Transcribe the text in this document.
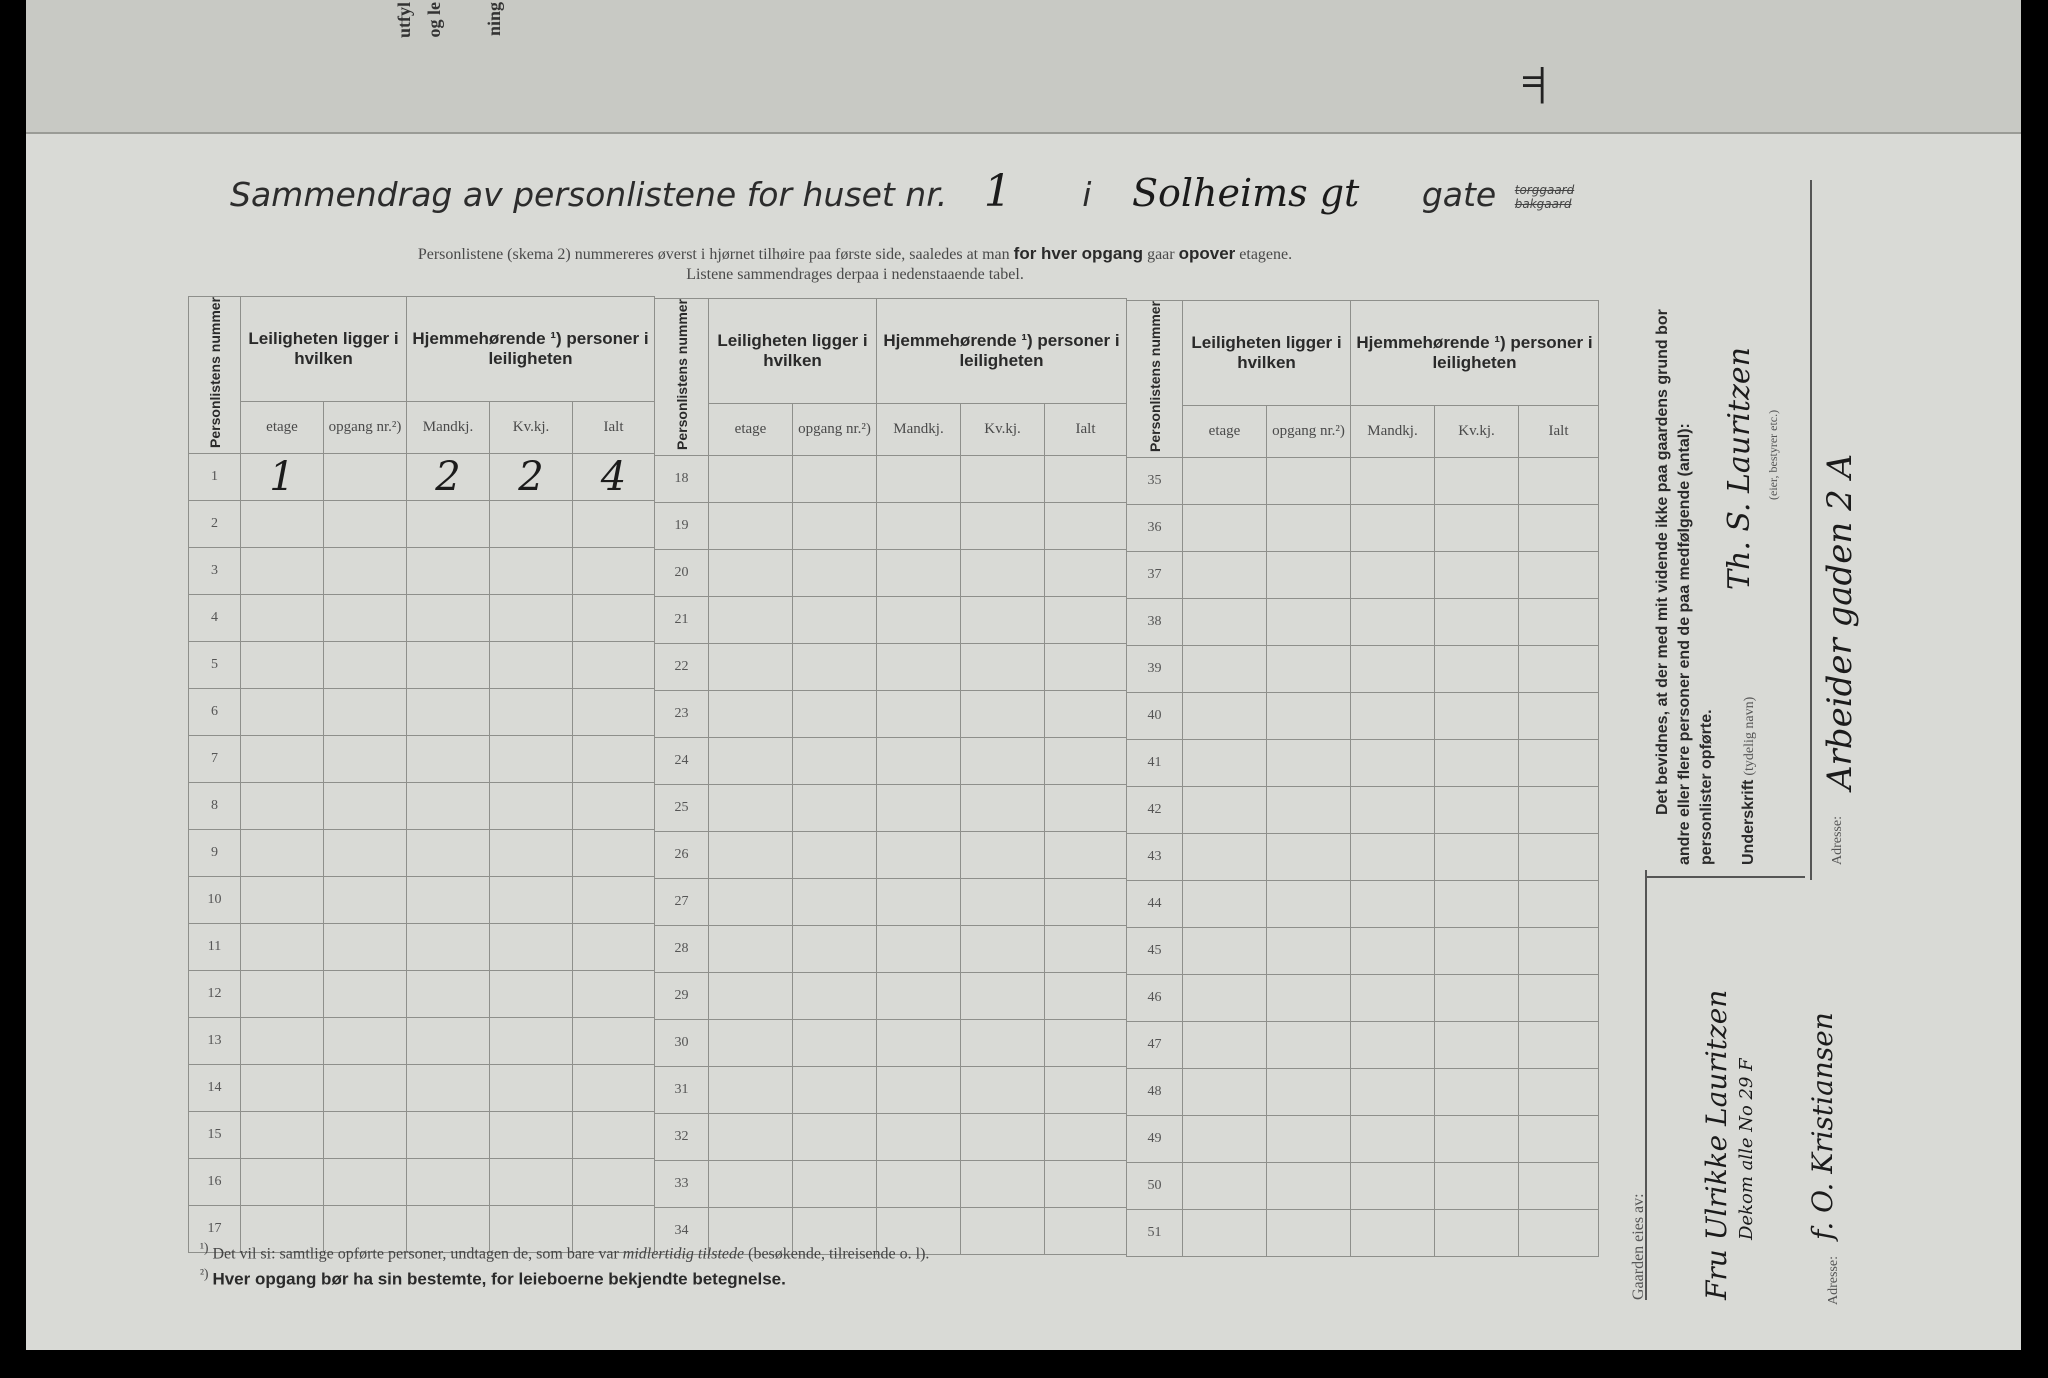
utfyl og le ning
=|
Sammendrag av personlistene for huset nr. 1 i Solheims gt gate torggaard
bakgaard
Personlistene (skema 2) nummereres øverst i hjørnet tilhøire paa første side, saaledes at man for hver opgang gaar opover etagene.
Listene sammendrages derpaa i nedenstaaende tabel.
Personlistens nummer	Leiligheten ligger i hvilken		Hjemmehørende ¹) personer i leiligheten		
	etage	opgang nr.²)	Mandkj.	Kv.kj.	Ialt
1	1		2	2	4
2					
3					
4					
5					
6					
7					
8					
9					
10					
11					
12					
13					
14					
15					
16					
17					
Personlistens nummer	Leiligheten ligger i hvilken		Hjemmehørende ¹) personer i leiligheten		
	etage	opgang nr.²)	Mandkj.	Kv.kj.	Ialt
18					
19					
20					
21					
22					
23					
24					
25					
26					
27					
28					
29					
30					
31					
32					
33					
34					
Personlistens nummer	Leiligheten ligger i hvilken		Hjemmehørende ¹) personer i leiligheten		
	etage	opgang nr.²)	Mandkj.	Kv.kj.	Ialt
35					
36					
37					
38					
39					
40					
41					
42					
43					
44					
45					
46					
47					
48					
49					
50					
51					
$^{^1)}$ Det vil si: samtlige opførte personer, undtagen de, som bare var midlertidig tilstede (besøkende, tilreisende o. l).
$^{^2)}$ Hver opgang bør ha sin bestemte, for leieboerne bekjendte betegnelse.
Det bevidnes, at der med mit vidende ikke paa gaardens grund bor andre eller flere personer end de paa medfølgende (antal): personlister opførte. Underskrift (tydelig navn)
Th. S. Lauritzen (eier, bestyrer etc.)
Adresse:
Arbeider gaden 2 A
Gaarden eies av: Fru Ulrikke Lauritzen Dekom alle No 29 F
Adresse:
f. O. Kristiansen
